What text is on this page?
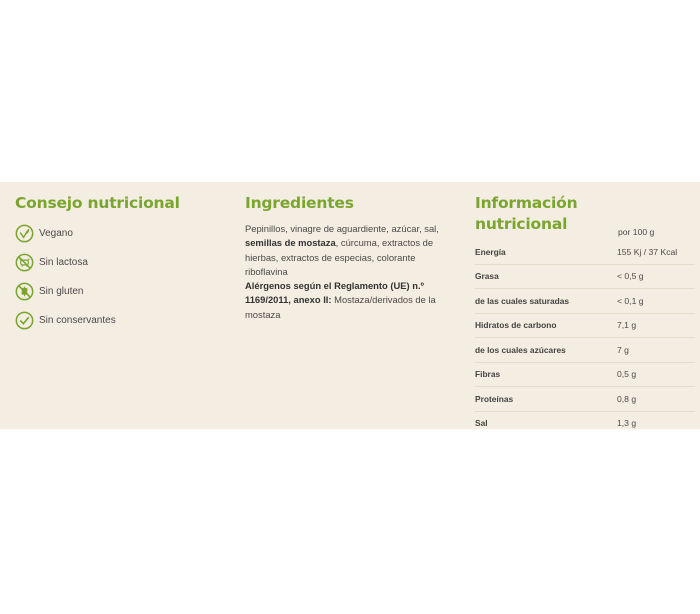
Consejo nutricional
Vegano
Sin lactosa
Sin gluten
Sin conservantes
Ingredientes
Pepinillos, vinagre de aguardiente, azúcar, sal, semillas de mostaza, cúrcuma, extractos de hierbas, extractos de especias, colorante riboflavina
Alérgenos según el Reglamento (UE) n.º 1169/2011, anexo II: Mostaza/derivados de la mostaza
Información nutricional	por 100 g
Energía	155 Kj / 37 Kcal
Grasa	< 0,5 g
de las cuales saturadas	< 0,1 g
Hidratos de carbono	7,1 g
de los cuales azúcares	7 g
Fibras	0,5 g
Proteínas	0,8 g
Sal	1,3 g
